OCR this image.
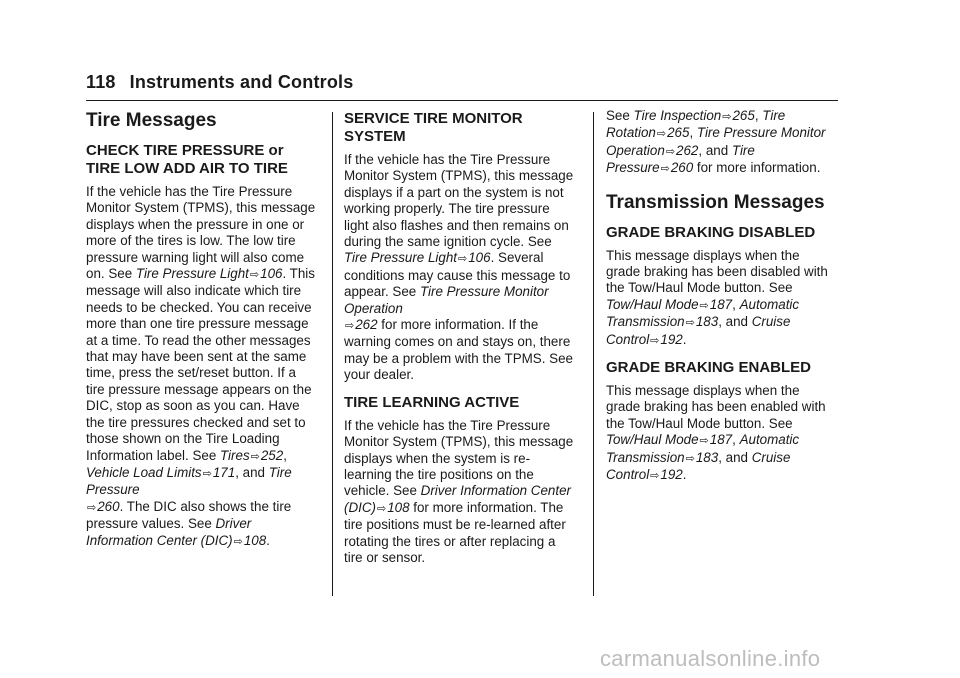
118 Instruments and Controls
Tire Messages
CHECK TIRE PRESSURE or TIRE LOW ADD AIR TO TIRE

If the vehicle has the Tire Pressure Monitor System (TPMS), this message displays when the pressure in one or more of the tires is low. The low tire pressure warning light will also come on. See Tire Pressure Light⇨106. This message will also indicate which tire needs to be checked. You can receive more than one tire pressure message at a time. To read the other messages that may have been sent at the same time, press the set/reset button. If a tire pressure message appears on the DIC, stop as soon as you can. Have the tire pressures checked and set to those shown on the Tire Loading Information label. See Tires⇨252, Vehicle Load Limits⇨171, and Tire Pressure
⇨260. The DIC also shows the tire pressure values. See Driver Information Center (DIC)⇨108.

SERVICE TIRE MONITOR SYSTEM

If the vehicle has the Tire Pressure Monitor System (TPMS), this message displays if a part on the system is not working properly. The tire pressure light also flashes and then remains on during the same ignition cycle. See Tire Pressure Light⇨106. Several conditions may cause this message to appear. See Tire Pressure Monitor Operation
⇨262 for more information. If the warning comes on and stays on, there may be a problem with the TPMS. See your dealer.

TIRE LEARNING ACTIVE

If the vehicle has the Tire Pressure Monitor System (TPMS), this message displays when the system is re-learning the tire positions on the vehicle. See Driver Information Center (DIC)⇨108 for more information. The tire positions must be re-learned after rotating the tires or after replacing a tire or sensor.

See Tire Inspection⇨265, Tire Rotation⇨265, Tire Pressure Monitor Operation⇨262, and Tire Pressure⇨260 for more information.

Transmission Messages
GRADE BRAKING DISABLED

This message displays when the grade braking has been disabled with the Tow/Haul Mode button. See Tow/Haul Mode⇨187, Automatic Transmission⇨183, and Cruise Control⇨192.

GRADE BRAKING ENABLED

This message displays when the grade braking has been enabled with the Tow/Haul Mode button. See Tow/Haul Mode⇨187, Automatic Transmission⇨183, and Cruise Control⇨192.

carmanualsonline.info
